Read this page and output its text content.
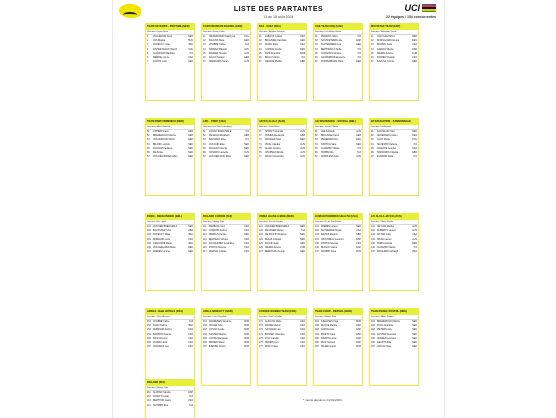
LISTE DES PARTANTES
11 au 18 août 2024
UCI
22 équipes / 154 concurrentes
TEAM SD WORX - PROTIME (NED)
Directeur: Danny Stam
1	VOLLERING Demi	NED
2	VAS Blanka	HUN
3	KOPECKY Lotte	BEL
4	FISHER-BLACK Niamh	NZL
5	GUARISCHI Barbara	ITA
6	MERRILL Anna	USA
7	KOOPS Lotte	NED
CANYON//SRAM RACING (GER)
Directeur: Ronny Lauke
11	NIEWIADOMA Katarzyna	POL
12	KNAUSS Mara	GER
13	CHABBEY Elise	SUI
14	HARVEY Mikayla	NZL
15	PALMER Tamara	AUS
16	FALCO Soraya	GER
17	SIMMONDS Sarah	AUS
FDJ - SUEZ (FRA)
Directeur: Stephen Delcourt
21	LABOUS Juliette	FRA
22	BRAUSSE Franziska	GER
23	MUZIC Evita	FRA
24	LUDWIG Cecilie	DEN
25	FAHLIN Emilia	SWE
26	BIOLA Vittoria	ITA
27	GEORGI Pfeiffer	GBR
UAE TEAM ADQ (UAE)
Directeur: Lisa Marija Sartini
31	PERSICO Silvia	ITA
32	SANTESTEBAN Ane	ESP
33	TEUTENBERG Lea	GER
34	BERTIZZOLO Sofia	ITA
35	CONSONNI Chiara	ITA
36	GASPARRINI Eleonora	ITA
37	KOPPENBURG Clara	GER
MOVISTAR TEAM (ESP)
Directeur: Sebastián Unzué
41	VAN VLEUTEN A.	NED
42	NORSGAARD Emma	DEN
43	BIANNIC Aude	FRA
44	GARCIA Sheyla	ESP
45	SIERRA Arlenis	CUB
46	FORNEY Floortje	FRA
47	KAVUNA Yvonne	GBR
TEAM DSM FIRMENICH (NED)
Directeur: Albert Rietveld
51	LIPPERT Liane	GER
52	BREDEWOLD Mischa	NED
53	VAN ANROOIJ Shirin	NED
54	BRAND Lucinda	NED
55	KOLDAM Pauliena	NED
56	REJS Ilse	NED
57	VAN DEN BROEK Ellen	NED
LIDL - TREK (USA)
Directeur: Ina-Yoko Teutenberg
61	LONGO BORGHINI E.	ITA
62	DEIGNAN Elizabeth	GBR
63	BALSAMO Elisa	ITA
64	VAN DIJK Ellen	NED
65	MACKAIJ Floortje	NED
66	HANSON Lauretta	AUS
67	VAN DER DUIN Elisa	NED
JAYCO ALULA (AUS)
Directeur: Gene Bates
71	SPRATT Amanda	AUS
72	HOMES Alexandra	GBR
73	KESSLER Nina	NED
74	VIDAL Claudia	AUS
75	ALLEN Jessica	AUS
76	CHAPMAN Brodie	AUS
77	MANLY Alexandra	AUS
AG INSURANCE - SOUDAL (BEL)
Directeur: Jolien D'Hoore
81	LEE Ashleigh	AUS
82	BRAUSSE Franzi	GER
83	PEDERSEN Kim	DEN
84	HARTOG Sara	NED
85	GUAZZINI Vittoria	ITA
86	HOBBS Mia	SUI
87	SOBOLEVA Julia	AUS
EF EDUCATION - CANNONDALE
Directeur: Ian Boswell
91	KASTELIJN Yara	NED
92	ANDERSEN Kristen	DEN
93	LACH Marta	POL
94	SILVESTRI Debora	ITA
95	VALENTE Jennifer	USA
96	SIMMONDS Claudia	GBR
97	ZANARDI Silvia	ITA
FENIX - DECEUNINCK (BEL)
Directeur: Eric Leyds
101 VAN DER BREGGEN A.	NED
102 BACKSTEDT Zoe	GBR
103 KOPECKY Mata	BEL
104 FERRAND Lucie	FRA
105 GREGOIRE Marie	BEL
106 VAN LEEUWEN Mara	NED
107 WIEBES Lorena	NED
ROLAND COFIDIS (SUI)
Directeur: Edwige Pitel
111	KERBAOL Céd.	FRA
112	CORDON Audrey	FRA
113	MARKUS Femke	NED
114	BERTEAU Victoire	FRA
115	FOUQUENET Amandine	FRA
116	FORTIN Noémie	FRA
117	MARSAL Juliette	FRA
VISMA LEASE A BIKE (NED)
Directeur: Jos van Emden
121 VAN DER BREGGEN A.	NED
122 REUSSER Marlen	SUI
123 DE KRUIJF Riejanne	NED
124 BLAAK Chantal	NED
125 KNAUF Sofie	GER
126 SIERRA Arlenis	CUB
127 BEEKHUIS Teuntje	NED
HUMAN POWERED HEALTH (USA)
Directeur: Ro de Jonckheere
131 WIEBES Loreen	NED
132 SCHNEIDER Skylar	USA
133 DAVIES Eleanor	GBR
134 CRISTOBAL Guerrero	ESP
135 FORTIN Noemie	FRA
136 BLANCO Jaime	ESP
137 SURIBIN Anna	RUS
LIV ALULA JAYCO (AUS)
Directeur: Martin Vestby
141 NEYLAN Rachel	AUS
142 ROBERTS Lauren	AUS
143 RITTER Julia	USA
144 SHAW Lauren	AUS
145 PARIS Antonia	GER
146 GUAZZINI Vittoria	ITA
147 MOOLMAN Ashleigh	RSA
ARKEA - B&B HOTELS (FRA)
Directeur: Gilles Morvan
151 CHABBEY Elise	SUI
152 TACK Pauline	BEL
153 FERRAND Audrey	FRA
154 BARDON Noemie	FRA
155 MAS Florence	FRA
156 VIGIER Laura	FRA
157 COUZENS Lea	FRA
UNO-X MOBILITY (NOR)
Directeur: Lars Ytting Bak
161 ANDRESEN Susanne	NOR
162 HAUGE Julie	NOR
163 LONGO Anette	NOR
164 HANSEN Marthe	NOR
165 LOCKE Margarete	NOR
166 RIDDER Maren	NOR
167 BJERKE Jorunn	NOR
COFIDIS WOMEN TEAM (FRA)
Directeur: Gaël Le Bellec
171 GUILLOU Marie	FRA
172 ANDRE Marion	FRA
173 SAUVAGE Lea	FRA
174 BONNET Valentine	FRA
175 JOLY Camille	FRA
176 PERRIN Ines	FRA
177 ROUX Clara	FRA
TEAM COOP - REPSOL (NOR)
Directeur: Monica Ruiz
181 KJELDSEN Kaja	NOR
182 DUQUE Marina	ESP
183 GARCIA Ana	ESP
184 PRIETO Lidia	ESP
185 MARTIN Laura	ESP
186 RUIZ Carmen	ESP
187 NILSEN Ingrid	NOR
TEAM PICNIC POSTNL (NED)
Directeur: Albert Timmer
191 BREDEWOLD Mischa	NED
192 KOOL Charlotte	NED
193 PIETERS Amy	NED
194 KOSTER Anouska	NED
195 UNEKEN Lonneke	NED
196 GEURTS Ella	NED
197 VAN AGT Eva	NED
ROLAND (SUI)
Directeur: Edwige Pitel
211	ALONSO Sandra	ESP
212 ZANETTI Linda	SUI
213 BERTHON Laura	FRA
214 SCHMIDT Eva	SUI
* moins depuis le 01/01/2004
